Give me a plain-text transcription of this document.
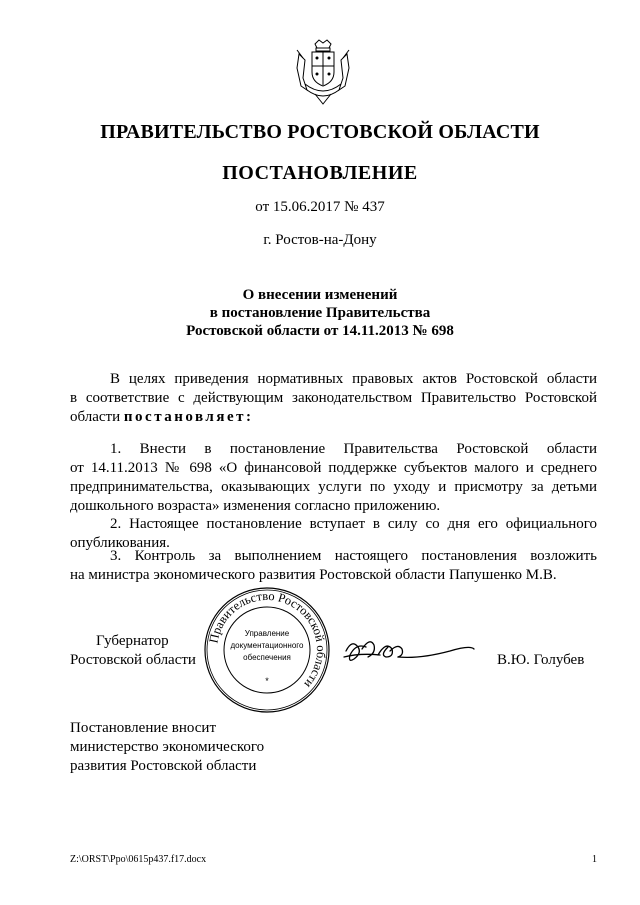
ПРАВИТЕЛЬСТВО РОСТОВСКОЙ ОБЛАСТИ
ПОСТАНОВЛЕНИЕ
от 15.06.2017 № 437
г. Ростов-на-Дону
О внесении изменений
в постановление Правительства
Ростовской области от 14.11.2013 № 698
В целях приведения нормативных правовых актов Ростовской области
в соответствие с действующим законодательством Правительство Ростовской
области постановляет:
1. Внести в постановление Правительства Ростовской области
от 14.11.2013 № 698 «О финансовой поддержке субъектов малого и среднего
предпринимательства, оказывающих услуги по уходу и присмотру за детьми
дошкольного возраста» изменения согласно приложению.
2. Настоящее постановление вступает в силу со дня его официального
опубликования.
3. Контроль за выполнением настоящего постановления возложить
на министра экономического развития Ростовской области Папушенко М.В.
Губернатор
Ростовской области
Правительство Ростовской области
Управление
документационного
обеспечения
*
В.Ю. Голубев
Постановление вносит
министерство экономического
развития Ростовской области
Z:\ORST\Ppo\0615p437.f17.docx	1
